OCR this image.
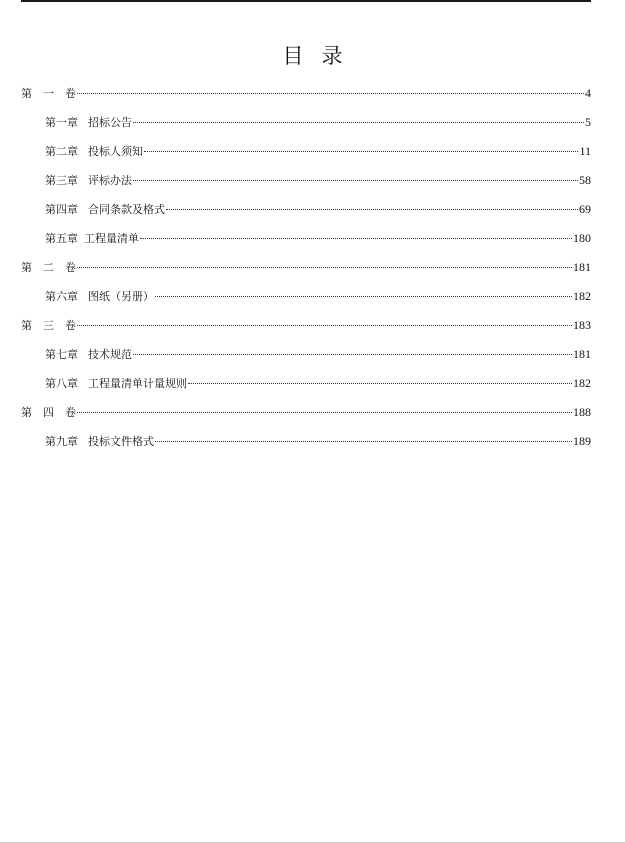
目 录
第 一 卷	4
第一章 招标公告	5
第二章 投标人须知	11
第三章 评标办法	58
第四章 合同条款及格式	69
第五章 工程量清单	180
第 二 卷	181
第六章 图纸（另册）	182
第 三 卷	183
第七章 技术规范	181
第八章 工程量清单计量规则	182
第 四 卷	188
第九章 投标文件格式	189
